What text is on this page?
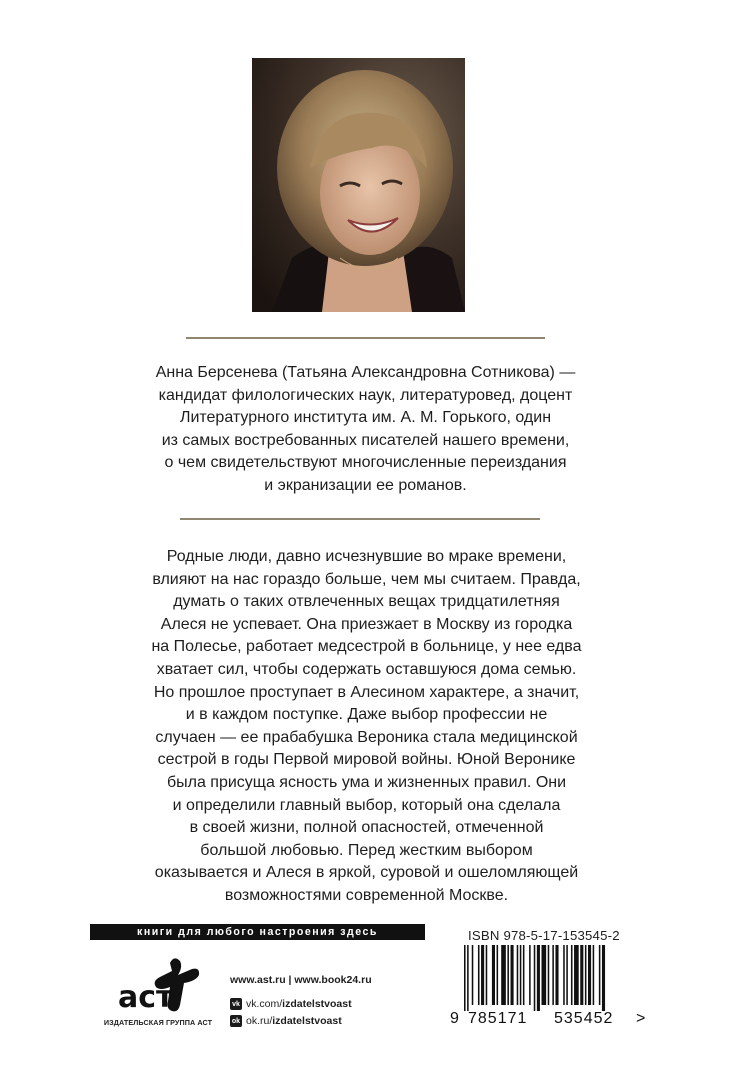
Анна Берсенева (Татьяна Александровна Сотникова) —
кандидат филологических наук, литературовед, доцент
Литературного института им. А. М. Горького, один
из самых востребованных писателей нашего времени,
о чем свидетельствуют многочисленные переиздания
и экранизации ее романов.

Родные люди, давно исчезнувшие во мраке времени,
влияют на нас гораздо больше, чем мы считаем. Правда,
думать о таких отвлеченных вещах тридцатилетняя
Алеся не успевает. Она приезжает в Москву из городка
на Полесье, работает медсестрой в больнице, у нее едва
хватает сил, чтобы содержать оставшуюся дома семью.
Но прошлое проступает в Алесином характере, а значит,
и в каждом поступке. Даже выбор профессии не
случаен — ее прабабушка Вероника стала медицинской
сестрой в годы Первой мировой войны. Юной Веронике
была присуща ясность ума и жизненных правил. Они
и определили главный выбор, который она сделала
в своей жизни, полной опасностей, отмеченной
большой любовью. Перед жестким выбором
оказывается и Алеся в яркой, суровой и ошеломляющей
возможностями современной Москве.

книги для любого настроения здесь
аст
ИЗДАТЕЛЬСКАЯ ГРУППА АСТ
www.ast.ru | www.book24.ru
vk vk.com/izdatelstvoast
ok ok.ru/izdatelstvoast
ISBN 978-5-17-153545-2
9 785171 535452 >
